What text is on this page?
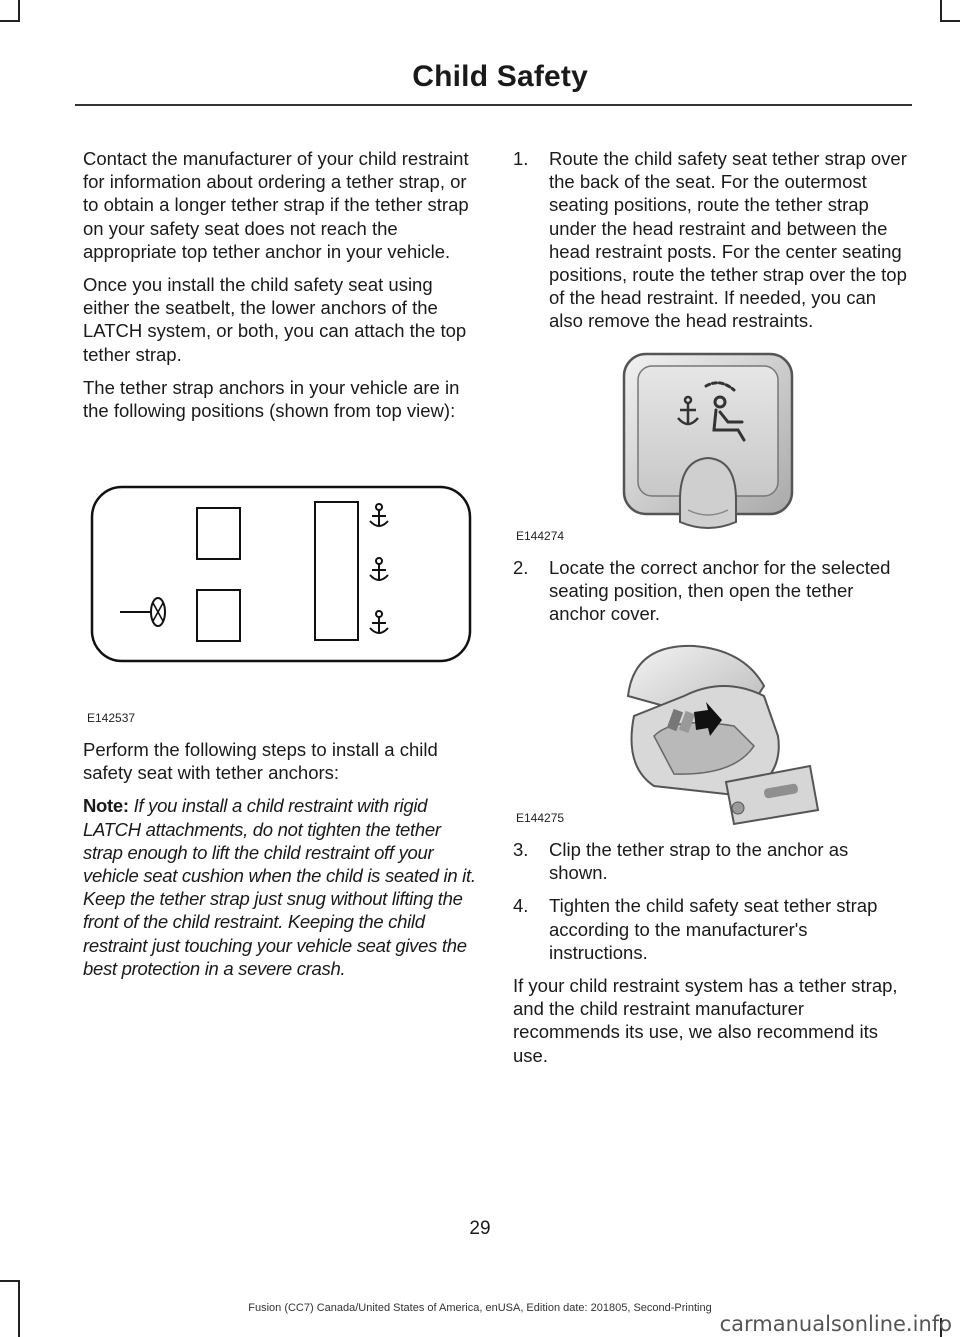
Child Safety

Contact the manufacturer of your child restraint for information about ordering a tether strap, or to obtain a longer tether strap if the tether strap on your safety seat does not reach the appropriate top tether anchor in your vehicle.

Once you install the child safety seat using either the seatbelt, the lower anchors of the LATCH system, or both, you can attach the top tether strap.

The tether strap anchors in your vehicle are in the following positions (shown from top view):

E142537

Perform the following steps to install a child safety seat with tether anchors:

Note: If you install a child restraint with rigid LATCH attachments, do not tighten the tether strap enough to lift the child restraint off your vehicle seat cushion when the child is seated in it. Keep the tether strap just snug without lifting the front of the child restraint. Keeping the child restraint just touching your vehicle seat gives the best protection in a severe crash.

1.	Route the child safety seat tether strap over the back of the seat. For the outermost seating positions, route the tether strap under the head restraint and between the head restraint posts. For the center seating positions, route the tether strap over the top of the head restraint. If needed, you can also remove the head restraints.
E144274
2.	Locate the correct anchor for the selected seating position, then open the tether anchor cover.
E144275
3.	Clip the tether strap to the anchor as shown.
4.	Tighten the child safety seat tether strap according to the manufacturer's instructions.

If your child restraint system has a tether strap, and the child restraint manufacturer recommends its use, we also recommend its use.

29
Fusion (CC7) Canada/United States of America, enUSA, Edition date: 201805, Second-Printing
carmanualsonline.info
